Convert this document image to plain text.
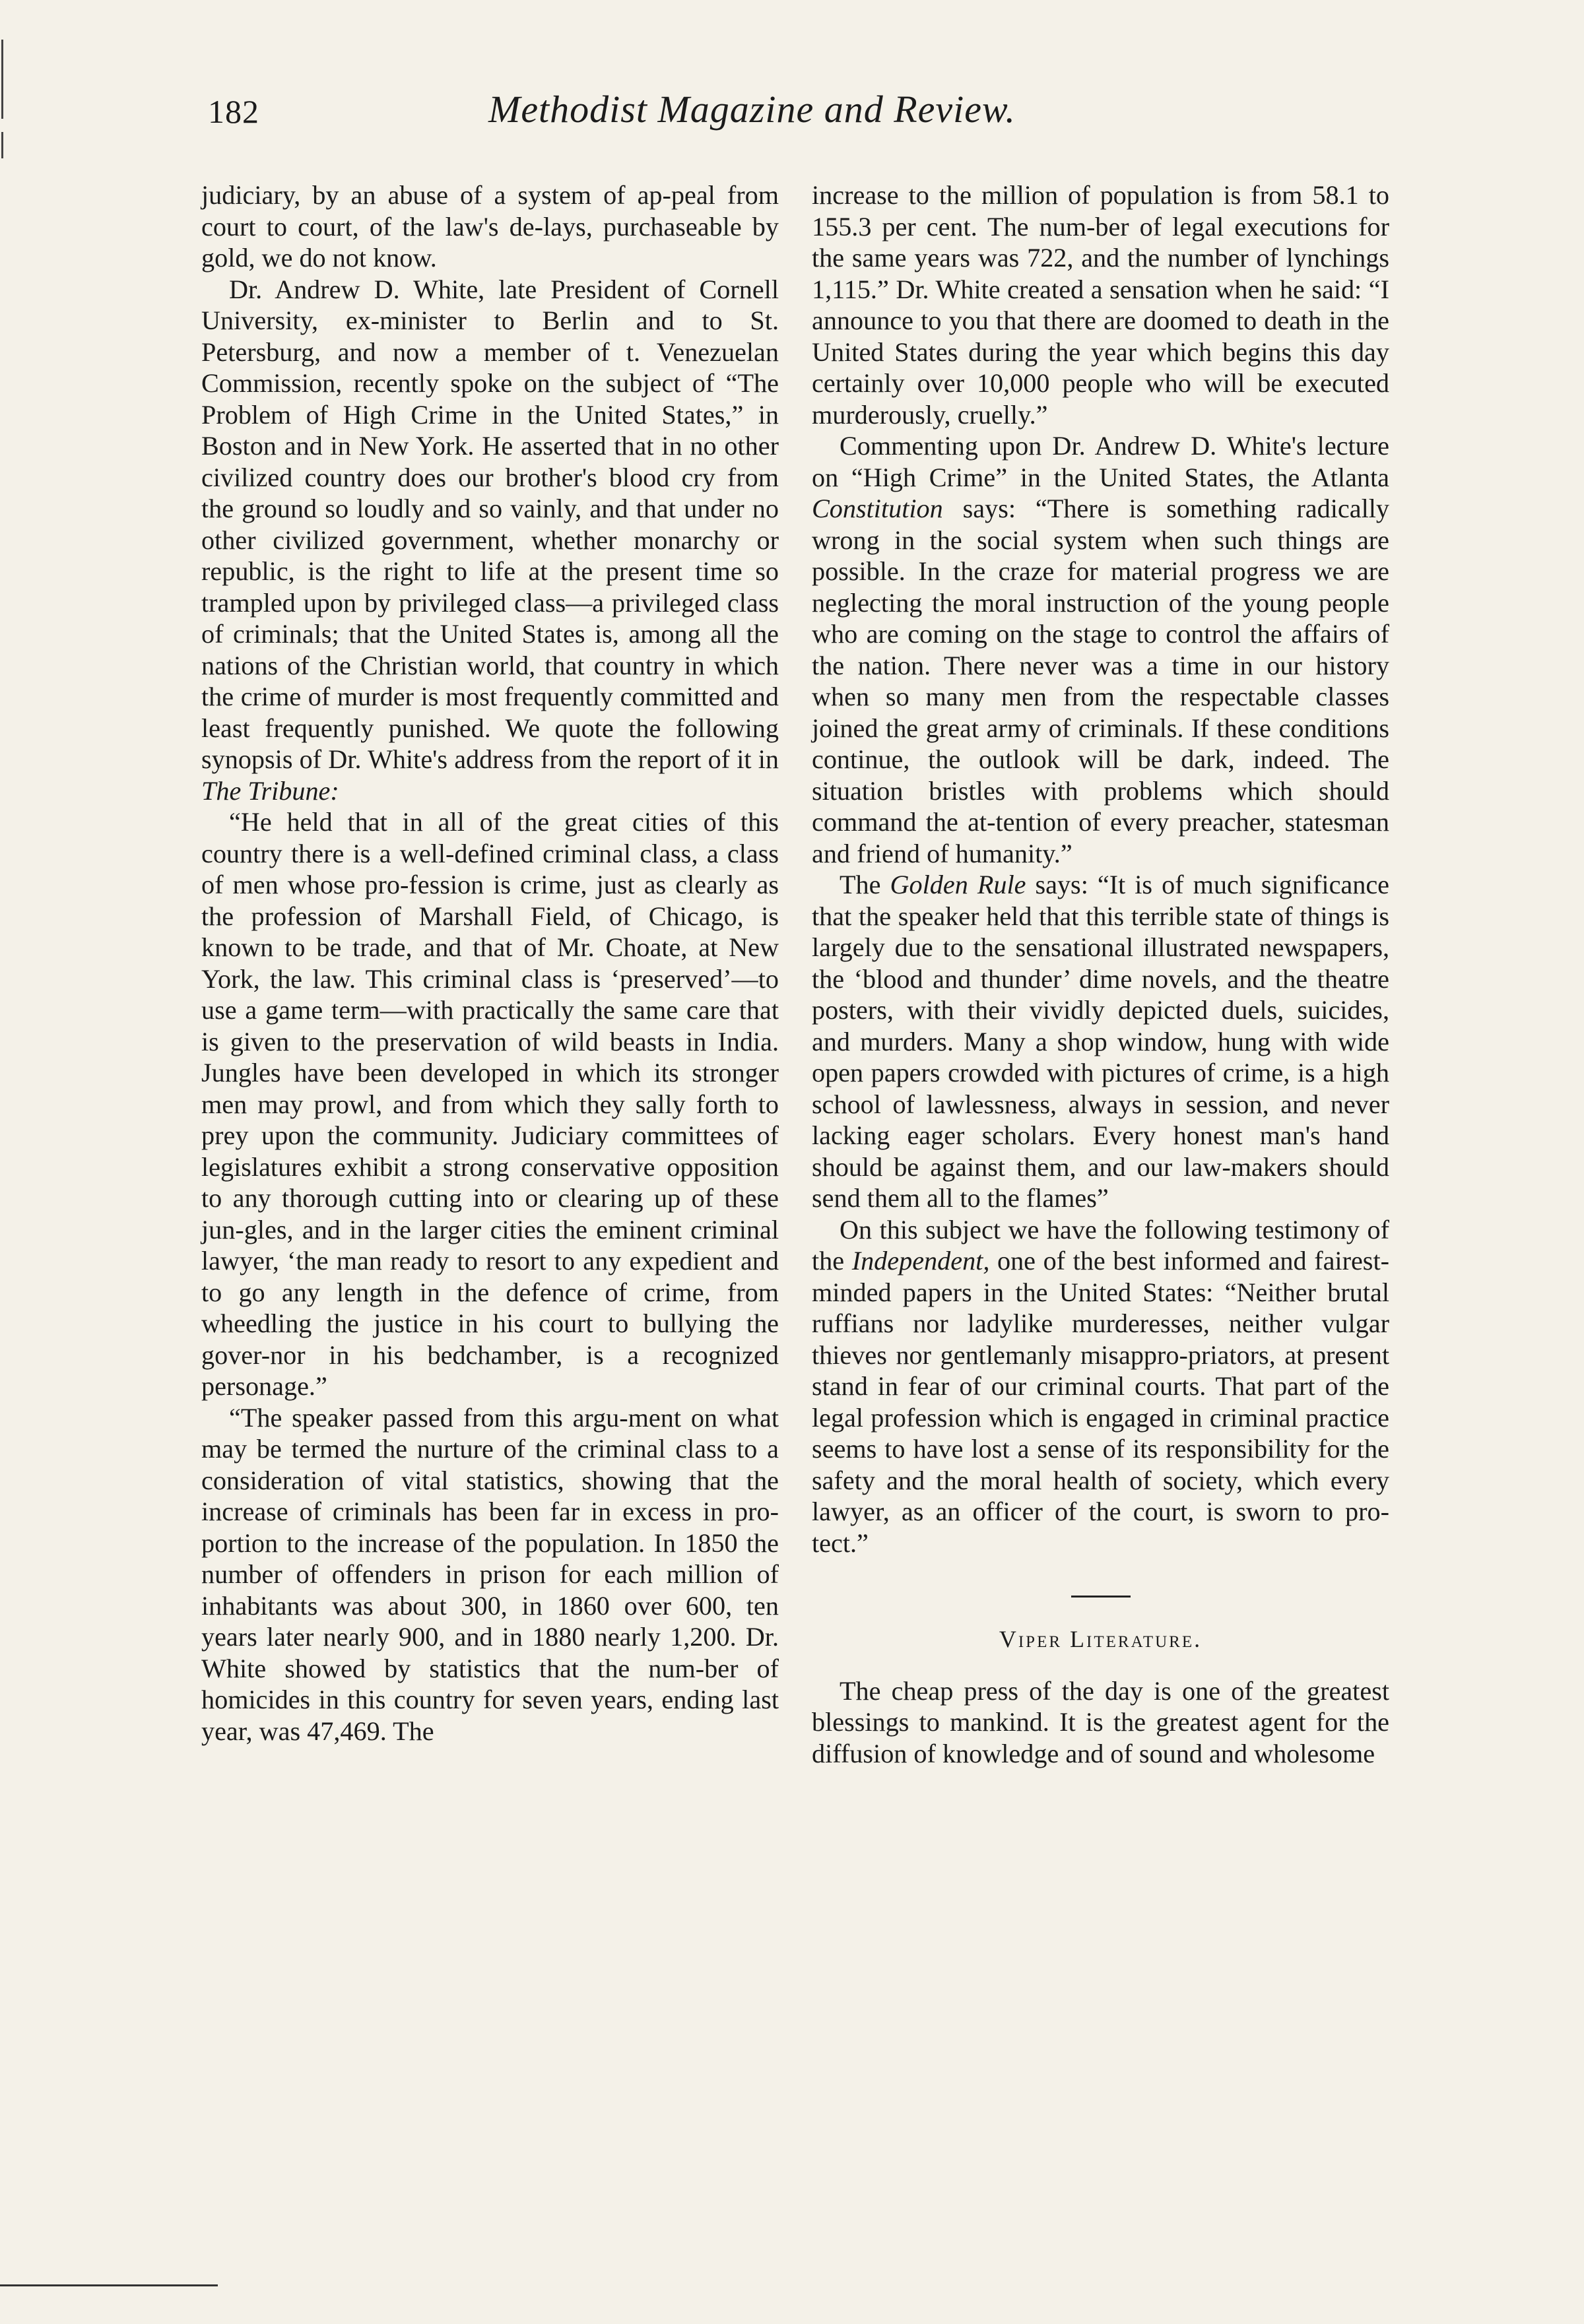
182	Methodist Magazine and Review.

judiciary, by an abuse of a system of ap-peal from court to court, of the law's de-lays, purchaseable by gold, we do not know.

Dr. Andrew D. White, late President of Cornell University, ex-minister to Berlin and to St. Petersburg, and now a member of t. Venezuelan Commission, recently spoke on the subject of “The Problem of High Crime in the United States,” in Boston and in New York. He asserted that in no other civilized country does our brother's blood cry from the ground so loudly and so vainly, and that under no other civilized government, whether monarchy or republic, is the right to life at the present time so trampled upon by privileged class—a privileged class of criminals; that the United States is, among all the nations of the Christian world, that country in which the crime of murder is most frequently committed and least frequently punished. We quote the following synopsis of Dr. White's address from the report of it in The Tribune:

“He held that in all of the great cities of this country there is a well-defined criminal class, a class of men whose pro-fession is crime, just as clearly as the profession of Marshall Field, of Chicago, is known to be trade, and that of Mr. Choate, at New York, the law. This criminal class is ‘preserved’—to use a game term—with practically the same care that is given to the preservation of wild beasts in India. Jungles have been developed in which its stronger men may prowl, and from which they sally forth to prey upon the community. Judiciary committees of legislatures exhibit a strong conservative opposition to any thorough cutting into or clearing up of these jun-gles, and in the larger cities the eminent criminal lawyer, ‘the man ready to resort to any expedient and to go any length in the defence of crime, from wheedling the justice in his court to bullying the gover-nor in his bedchamber, is a recognized personage.”

“The speaker passed from this argu-ment on what may be termed the nurture of the criminal class to a consideration of vital statistics, showing that the increase of criminals has been far in excess in pro-portion to the increase of the population. In 1850 the number of offenders in prison for each million of inhabitants was about 300, in 1860 over 600, ten years later nearly 900, and in 1880 nearly 1,200. Dr. White showed by statistics that the num-ber of homicides in this country for seven years, ending last year, was 47,469. The

increase to the million of population is from 58.1 to 155.3 per cent. The num-ber of legal executions for the same years was 722, and the number of lynchings 1,115.” Dr. White created a sensation when he said: “I announce to you that there are doomed to death in the United States during the year which begins this day certainly over 10,000 people who will be executed murderously, cruelly.”

Commenting upon Dr. Andrew D. White's lecture on “High Crime” in the United States, the Atlanta Constitution says: “There is something radically wrong in the social system when such things are possible. In the craze for material progress we are neglecting the moral instruction of the young people who are coming on the stage to control the affairs of the nation. There never was a time in our history when so many men from the respectable classes joined the great army of criminals. If these conditions continue, the outlook will be dark, indeed. The situation bristles with problems which should command the at-tention of every preacher, statesman and friend of humanity.”

The Golden Rule says: “It is of much significance that the speaker held that this terrible state of things is largely due to the sensational illustrated newspapers, the ‘blood and thunder’ dime novels, and the theatre posters, with their vividly depicted duels, suicides, and murders. Many a shop window, hung with wide open papers crowded with pictures of crime, is a high school of lawlessness, always in session, and never lacking eager scholars. Every honest man's hand should be against them, and our law-makers should send them all to the flames”

On this subject we have the following testimony of the Independent, one of the best informed and fairest-minded papers in the United States: “Neither brutal ruffians nor ladylike murderesses, neither vulgar thieves nor gentlemanly misappro-priators, at present stand in fear of our criminal courts. That part of the legal profession which is engaged in criminal practice seems to have lost a sense of its responsibility for the safety and the moral health of society, which every lawyer, as an officer of the court, is sworn to pro-tect.”

Viper Literature.

The cheap press of the day is one of the greatest blessings to mankind. It is the greatest agent for the diffusion of knowledge and of sound and wholesome
